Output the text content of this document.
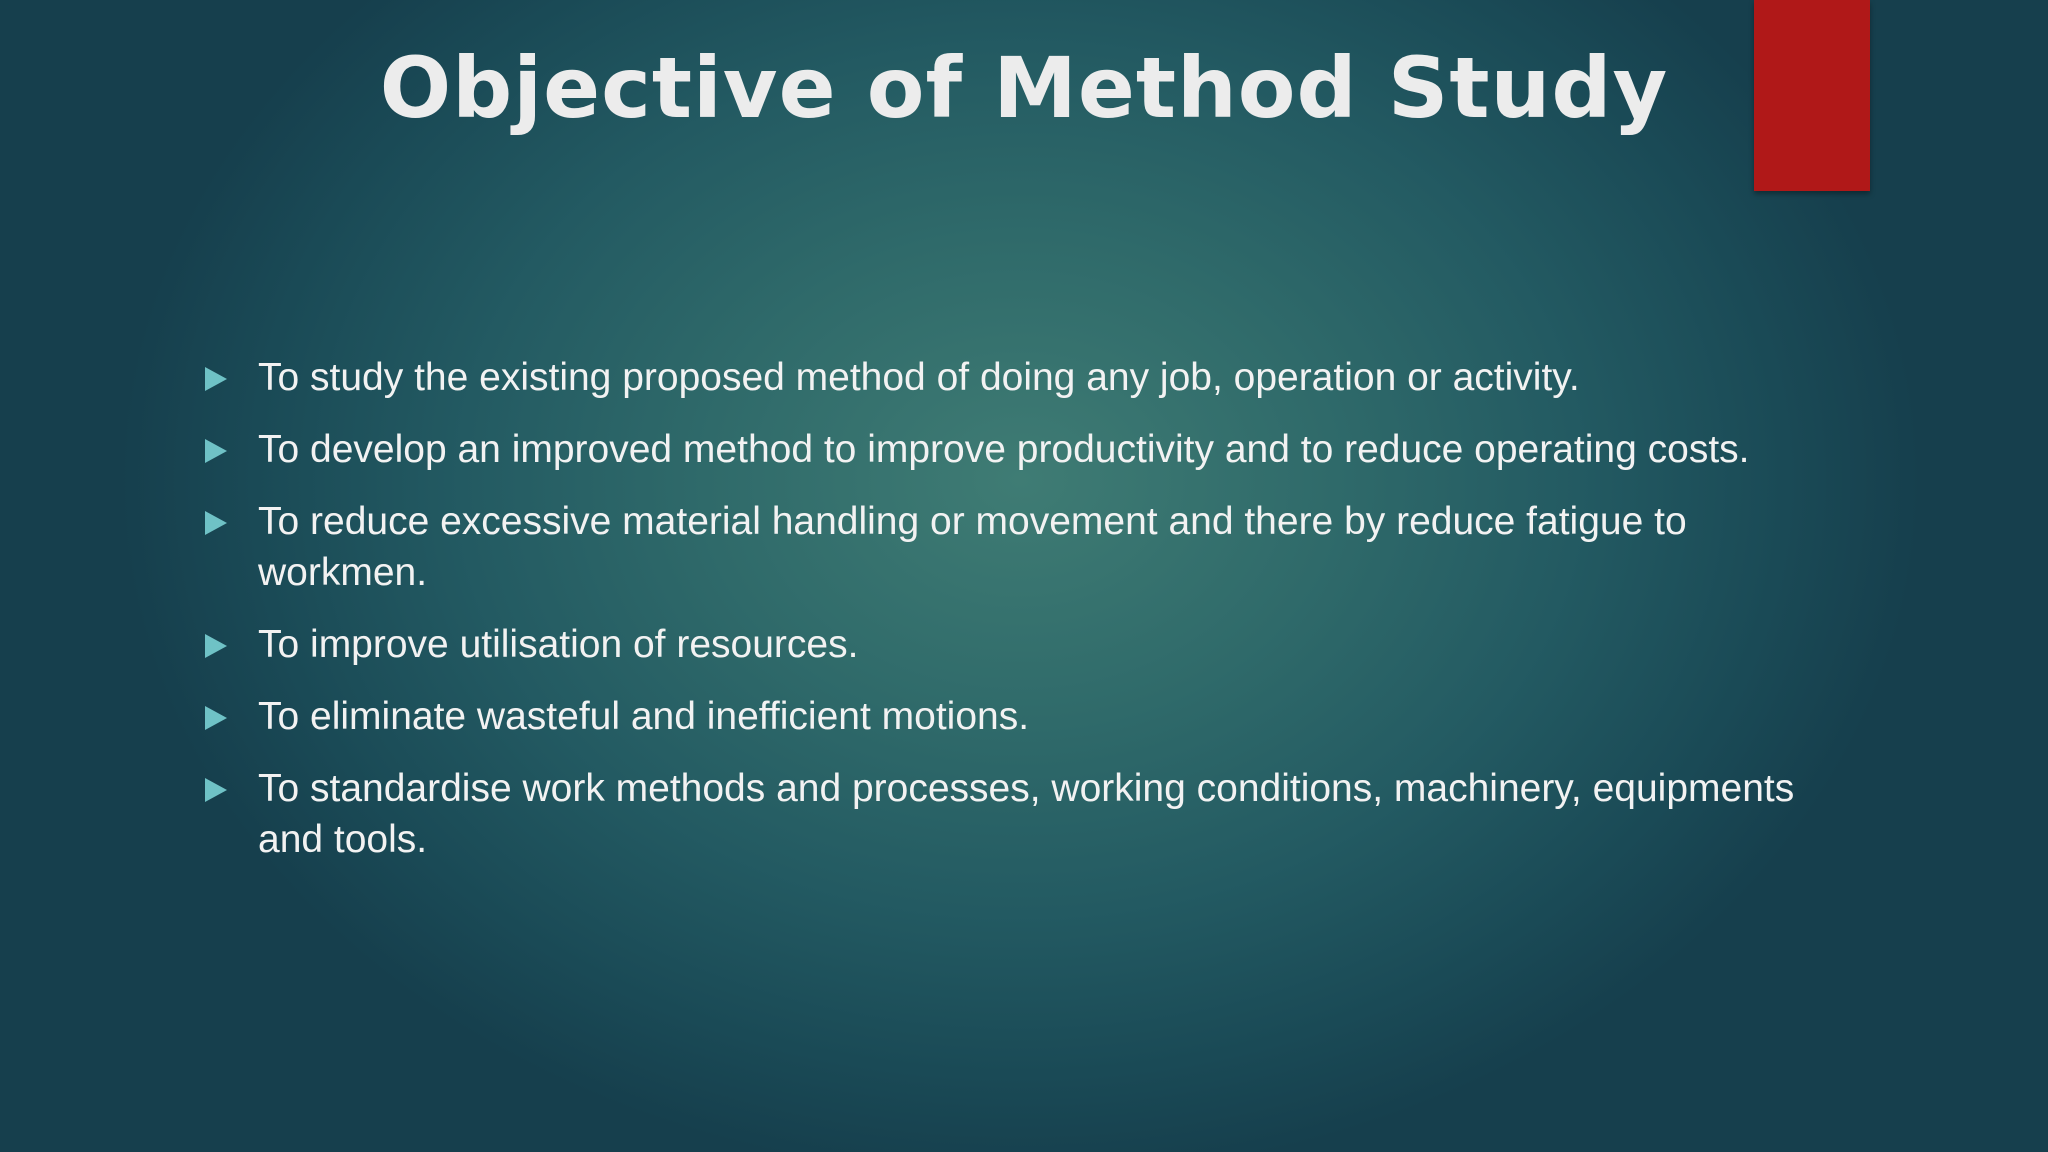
Objective of Method Study
To study the existing proposed method of doing any job, operation or activity.
To develop an improved method to improve productivity and to reduce operating costs.
To reduce excessive material handling or movement and there by reduce fatigue to workmen.
To improve utilisation of resources.
To eliminate wasteful and inefficient motions.
To standardise work methods and processes, working conditions, machinery, equipments and tools.
